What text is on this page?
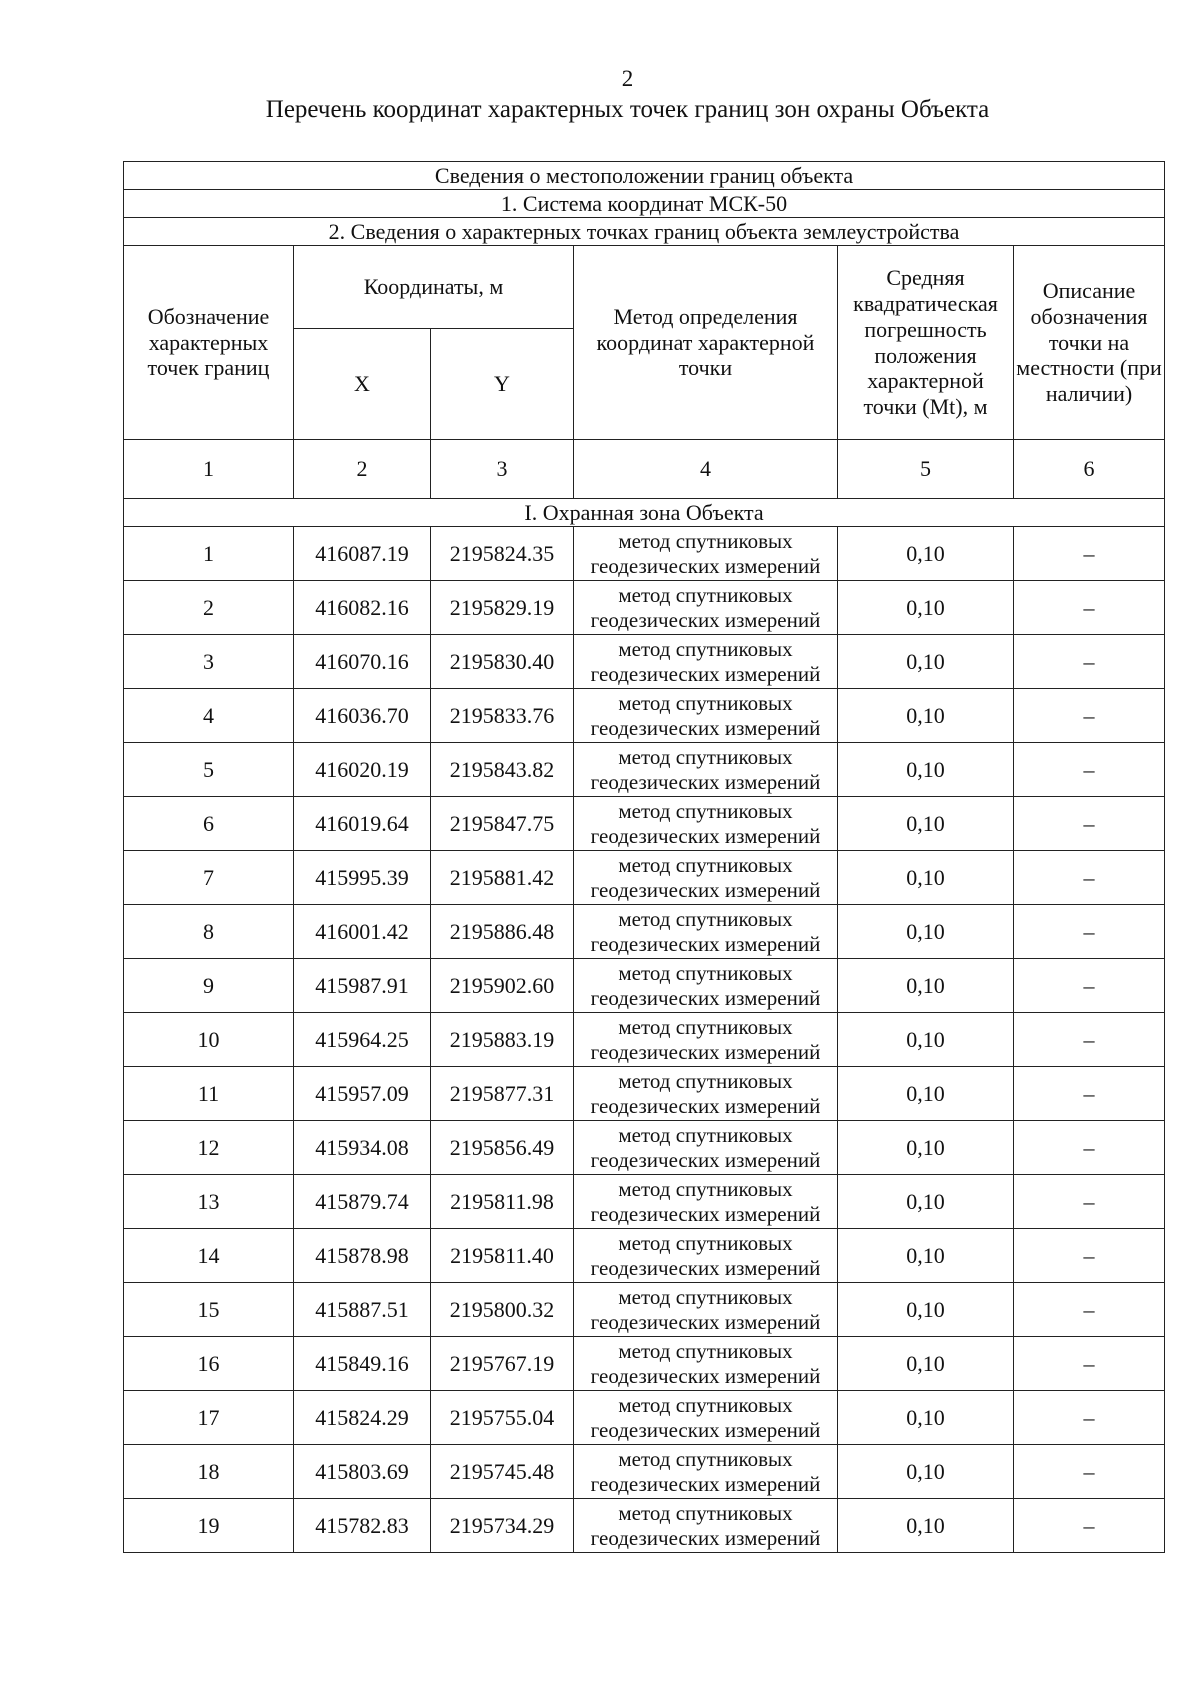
2
Перечень координат характерных точек границ зон охраны Объекта
Сведения о местоположении границ объекта					
1. Система координат МСК-50					
2. Сведения о характерных точках границ объекта землеустройства					
Обозначение характерных точек границ	Координаты, м		Метод определения координат характерной точки	Средняя квадратическая погрешность положения характерной точки (Mt), м	Описание обозначения точки на местности (при наличии)
	X	Y			
1	2	3	4	5	6
I. Охранная зона Объекта					
1	416087.19	2195824.35	метод спутниковых геодезических измерений	0,10	–
2	416082.16	2195829.19	метод спутниковых геодезических измерений	0,10	–
3	416070.16	2195830.40	метод спутниковых геодезических измерений	0,10	–
4	416036.70	2195833.76	метод спутниковых геодезических измерений	0,10	–
5	416020.19	2195843.82	метод спутниковых геодезических измерений	0,10	–
6	416019.64	2195847.75	метод спутниковых геодезических измерений	0,10	–
7	415995.39	2195881.42	метод спутниковых геодезических измерений	0,10	–
8	416001.42	2195886.48	метод спутниковых геодезических измерений	0,10	–
9	415987.91	2195902.60	метод спутниковых геодезических измерений	0,10	–
10	415964.25	2195883.19	метод спутниковых геодезических измерений	0,10	–
11	415957.09	2195877.31	метод спутниковых геодезических измерений	0,10	–
12	415934.08	2195856.49	метод спутниковых геодезических измерений	0,10	–
13	415879.74	2195811.98	метод спутниковых геодезических измерений	0,10	–
14	415878.98	2195811.40	метод спутниковых геодезических измерений	0,10	–
15	415887.51	2195800.32	метод спутниковых геодезических измерений	0,10	–
16	415849.16	2195767.19	метод спутниковых геодезических измерений	0,10	–
17	415824.29	2195755.04	метод спутниковых геодезических измерений	0,10	–
18	415803.69	2195745.48	метод спутниковых геодезических измерений	0,10	–
19	415782.83	2195734.29	метод спутниковых геодезических измерений	0,10	–
